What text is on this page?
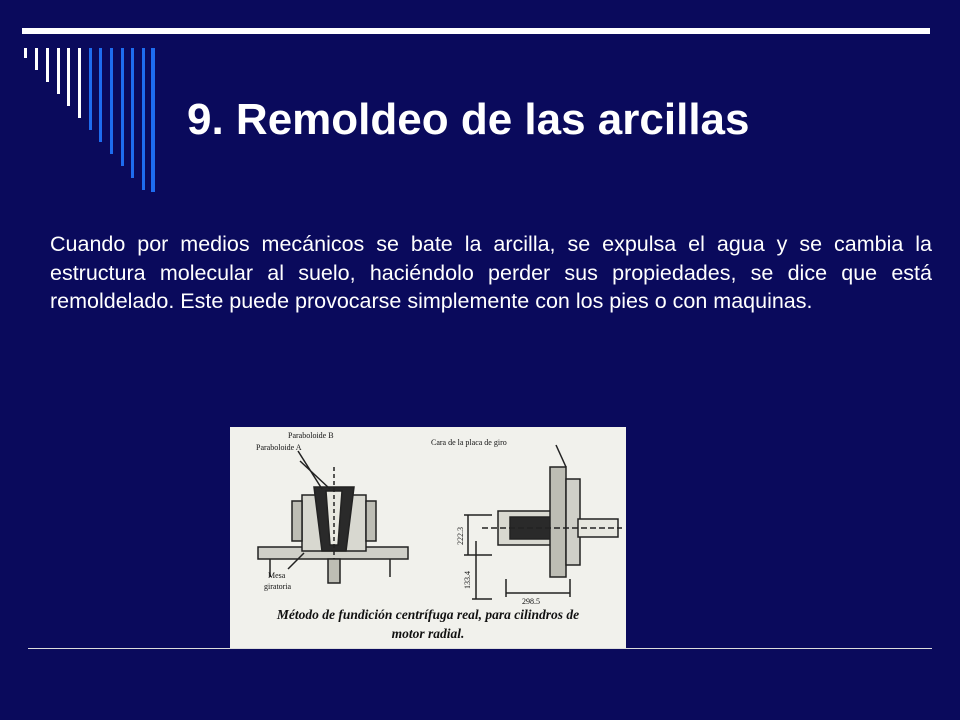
9. Remoldeo de las arcillas

Cuando por medios mecánicos se bate la arcilla, se expulsa el agua y se cambia la estructura molecular al suelo, haciéndolo perder sus propiedades, se dice que está remoldelado. Este puede provocarse simplemente con los pies o con maquinas.

Paraboloide B
Paraboloide A
Mesa
giratoria
Cara de la placa de giro
222.3
133.4
298.5
Método de fundición centrífuga real, para cilindros de
motor radial.
